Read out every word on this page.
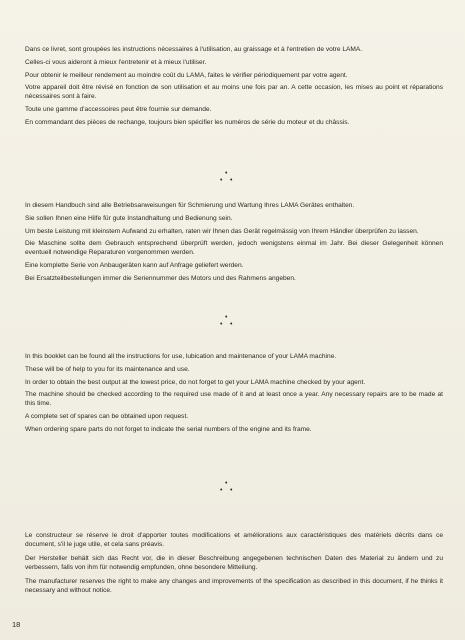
Dans ce livret, sont groupées les instructions nécessaires à l'utilisation, au graissage et à l'entretien de votre LAMA.

Celles-ci vous aideront à mieux l'entretenir et à mieux l'utiliser.

Pour obtenir le meilleur rendement au moindre coût du LAMA, faites le vérifier périodiquement par votre agent.

Votre appareil doit être révisé en fonction de son utilisation et au moins une fois par an. A cette occasion, les mises au point et réparations nécessaires sont à faire.

Toute une gamme d'accessoires peut être fournie sur demande.

En commandant des pièces de rechange, toujours bien spécifier les numéros de série du moteur et du châssis.

•
• •

In diesem Handbuch sind alle Betriebsanweisungen für Schmierung und Wartung Ihres LAMA Gerätes enthalten.

Sie sollen Ihnen eine Hilfe für gute Instandhaltung und Bedienung sein.

Um beste Leistung mit kleinstem Aufwand zu erhalten, raten wir Ihnen das Gerät regelmässig von Ihrem Händler überprüfen zu lassen.

Die Maschine sollte dem Gebrauch entsprechend überprüft werden, jedoch wenigstens einmal im Jahr. Bei dieser Gelegenheit können eventuell notwendige Reparaturen vorgenommen werden.

Eine komplette Serie von Anbaugeräten kann auf Anfrage geliefert werden.

Bei Ersatzteilbestellungen immer die Seriennummer des Motors und des Rahmens angeben.

•
• •

In this booklet can be found all the instructions for use, lubication and maintenance of your LAMA machine.

These will be of help to you for its maintenance and use.

In order to obtain the best output at the lowest price, do not forget to get your LAMA machine checked by your agent.

The machine should be checked according to the required use made of it and at least once a year. Any necessary repairs are to be made at this time.

A complete set of spares can be obtained upon request.

When ordering spare parts do not forget to indicate the serial numbers of the engine and its frame.

•
• •

Le constructeur se réserve le droit d'apporter toutes modifications et améliorations aux caractéristiques des matériels décrits dans ce document, s'il le juge utile, et cela sans préavis.

Der Hersteller behält sich das Recht vor, die in dieser Beschreibung angegebenen technischen Daten des Material zu ändern und zu verbessern, falls von ihm für notwendig empfunden, ohne besondere Mitteilung.

The manufacturer reserves the right to make any changes and improvements of the specification as described in this document, if he thinks it necessary and without notice.

18
